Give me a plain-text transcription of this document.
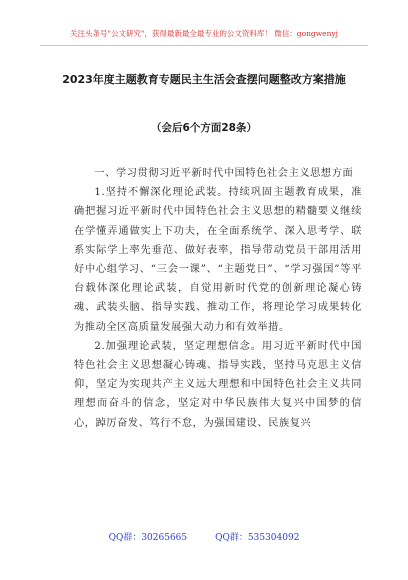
关注头条号"公文研究"，获得最新最全最专业的公文资料库！ 微信：gongwenyj
2023年度主题教育专题民主生活会查摆问题整改方案措施
（会后6个方面28条）

一、学习贯彻习近平新时代中国特色社会主义思想方面

1.坚持不懈深化理论武装。持续巩固主题教育成果，准确把握习近平新时代中国特色社会主义思想的精髓要义继续在学懂弄通做实上下功夫，在全面系统学、深入思考学、联系实际学上率先垂范、做好表率，指导带动党员干部用活用好中心组学习、“三会一课”、“主题党日”、“学习强国”等平台载体深化理论武装，自觉用新时代党的创新理论凝心铸魂、武装头脑、指导实践、推动工作，将理论学习成果转化为推动全区高质量发展强大动力和有效举措。

2.加强理论武装，坚定理想信念。用习近平新时代中国特色社会主义思想凝心铸魂、指导实践，坚持马克思主义信仰，坚定为实现共产主义远大理想和中国特色社会主义共同理想而奋斗的信念，坚定对中华民族伟大复兴中国梦的信心，踔厉奋发、笃行不怠，为强国建设、民族复兴

QQ群：30265665	QQ群：535304092
